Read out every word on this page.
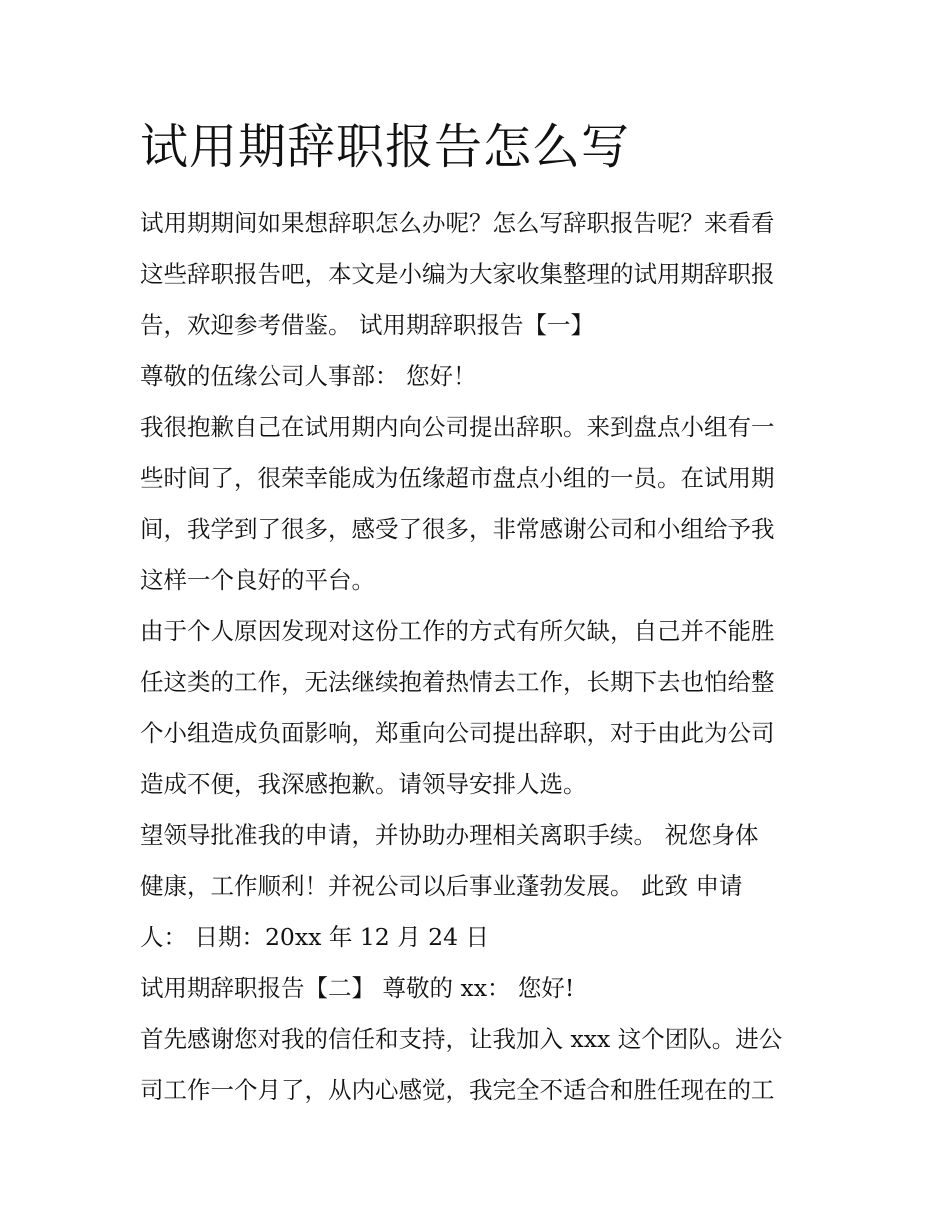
试用期辞职报告怎么写

试用期期间如果想辞职怎么办呢？怎么写辞职报告呢？来看看

这些辞职报告吧，本文是小编为大家收集整理的试用期辞职报

告，欢迎参考借鉴。 试用期辞职报告【一】

尊敬的伍缘公司人事部： 您好！

我很抱歉自己在试用期内向公司提出辞职。来到盘点小组有一

些时间了，很荣幸能成为伍缘超市盘点小组的一员。在试用期

间，我学到了很多，感受了很多，非常感谢公司和小组给予我

这样一个良好的平台。

由于个人原因发现对这份工作的方式有所欠缺，自己并不能胜

任这类的工作，无法继续抱着热情去工作，长期下去也怕给整

个小组造成负面影响，郑重向公司提出辞职，对于由此为公司

造成不便，我深感抱歉。请领导安排人选。

望领导批准我的申请，并协助办理相关离职手续。 祝您身体

健康，工作顺利！并祝公司以后事业蓬勃发展。 此致 申请

人： 日期：20xx 年 12 月 24 日

试用期辞职报告【二】 尊敬的 xx： 您好!

首先感谢您对我的信任和支持，让我加入 xxx 这个团队。进公

司工作一个月了，从内心感觉，我完全不适合和胜任现在的工
